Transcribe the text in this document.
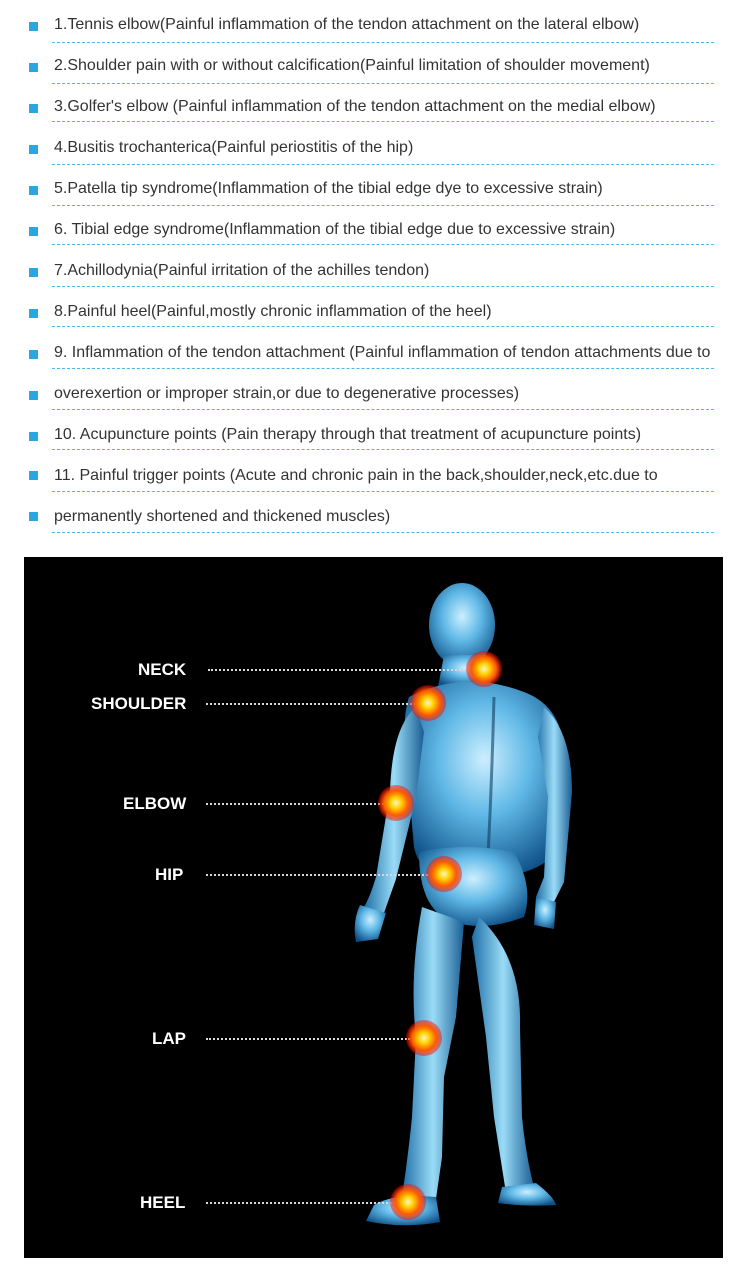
1.Tennis elbow(Painful inflammation of the tendon attachment on the lateral elbow)
2.Shoulder pain with or without calcification(Painful limitation of shoulder movement)
3.Golfer's elbow (Painful inflammation of the tendon attachment on the medial elbow)
4.Busitis trochanterica(Painful periostitis of the hip)
5.Patella tip syndrome(Inflammation of the tibial edge dye to excessive strain)
6. Tibial edge syndrome(Inflammation of the tibial edge due to excessive strain)
7.Achillodynia(Painful irritation of the achilles tendon)
8.Painful heel(Painful,mostly chronic inflammation of the heel)
9. Inflammation of the tendon attachment (Painful inflammation of tendon attachments due to
overexertion or improper strain,or due to degenerative processes)
10. Acupuncture points (Pain therapy through that treatment of acupuncture points)
11. Painful trigger points (Acute and chronic pain in the back,shoulder,neck,etc.due to
permanently shortened and thickened muscles)
NECK
SHOULDER
ELBOW
HIP
LAP
HEEL
